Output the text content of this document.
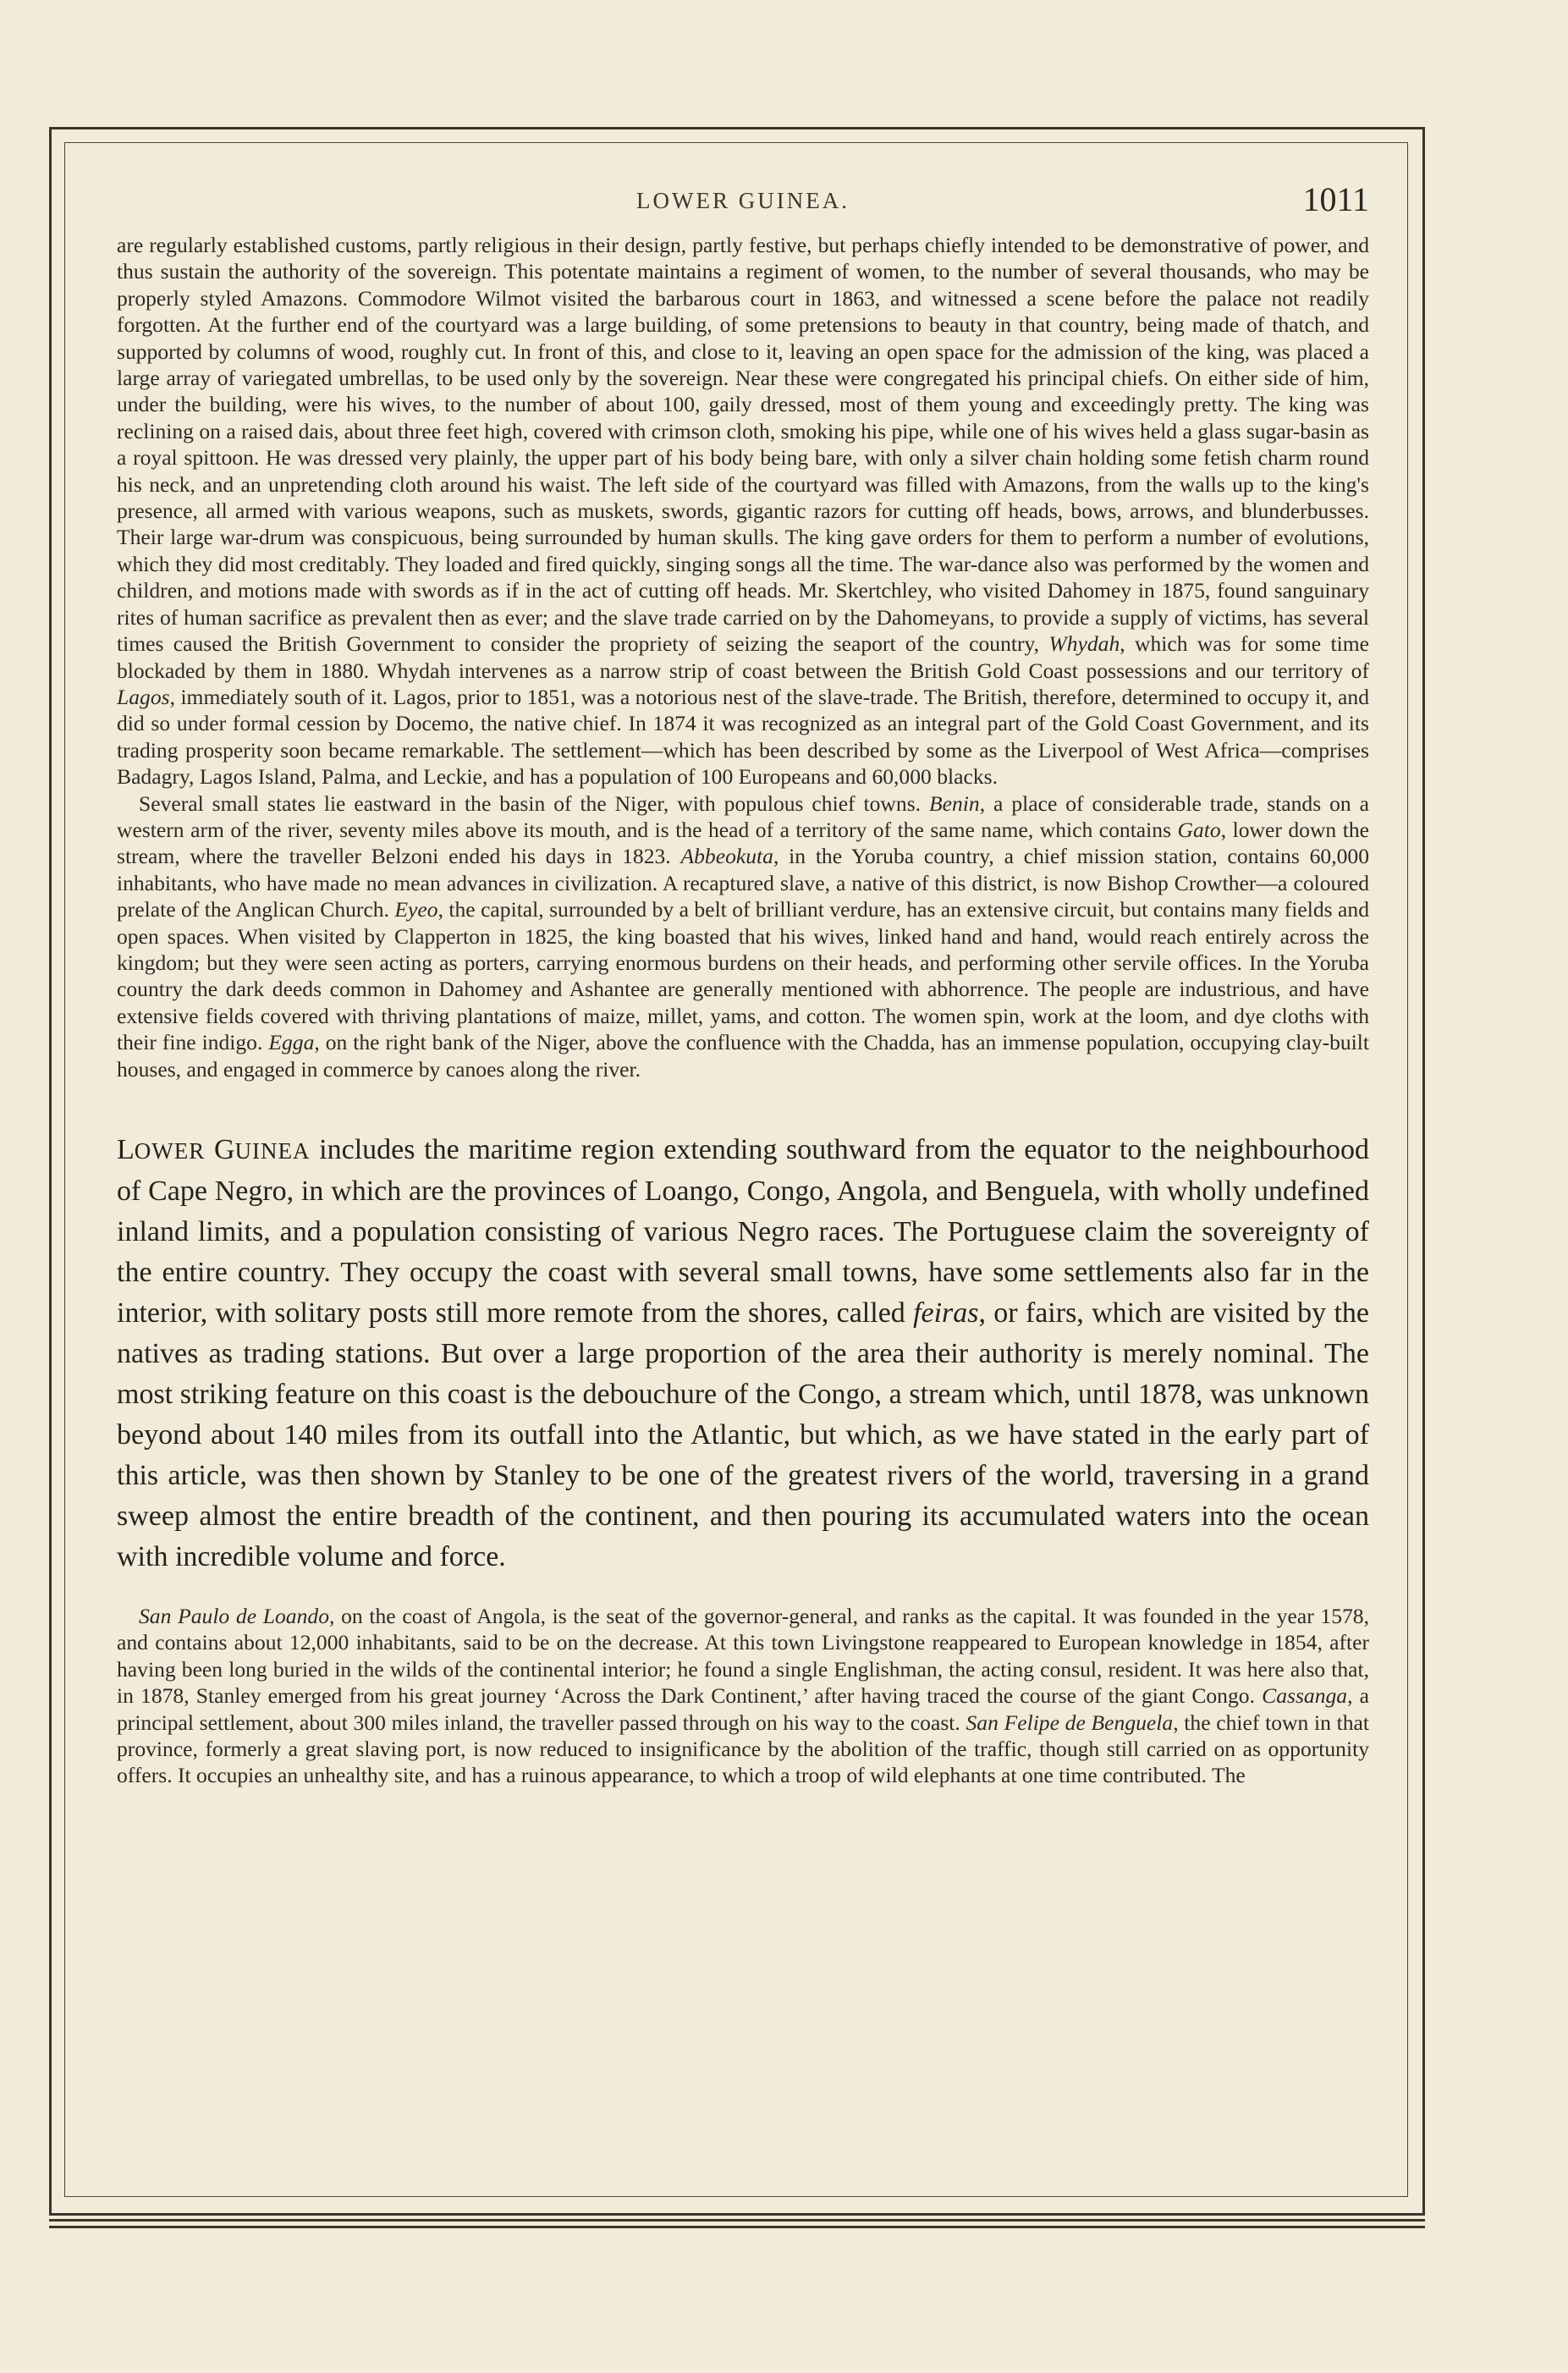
LOWER GUINEA.	1011

are regularly established customs, partly religious in their design, partly festive, but perhaps chiefly intended to be demonstrative of power, and thus sustain the authority of the sovereign. This potentate maintains a regiment of women, to the number of several thousands, who may be properly styled Amazons. Commodore Wilmot visited the barbarous court in 1863, and witnessed a scene before the palace not readily forgotten. At the further end of the courtyard was a large building, of some pretensions to beauty in that country, being made of thatch, and supported by columns of wood, roughly cut. In front of this, and close to it, leaving an open space for the admission of the king, was placed a large array of variegated umbrellas, to be used only by the sovereign. Near these were congregated his principal chiefs. On either side of him, under the building, were his wives, to the number of about 100, gaily dressed, most of them young and exceedingly pretty. The king was reclining on a raised dais, about three feet high, covered with crimson cloth, smoking his pipe, while one of his wives held a glass sugar-basin as a royal spittoon. He was dressed very plainly, the upper part of his body being bare, with only a silver chain holding some fetish charm round his neck, and an unpretending cloth around his waist. The left side of the courtyard was filled with Amazons, from the walls up to the king's presence, all armed with various weapons, such as muskets, swords, gigantic razors for cutting off heads, bows, arrows, and blunderbusses. Their large war-drum was conspicuous, being surrounded by human skulls. The king gave orders for them to perform a number of evolutions, which they did most creditably. They loaded and fired quickly, singing songs all the time. The war-dance also was performed by the women and children, and motions made with swords as if in the act of cutting off heads. Mr. Skertchley, who visited Dahomey in 1875, found sanguinary rites of human sacrifice as prevalent then as ever; and the slave trade carried on by the Dahomeyans, to provide a supply of victims, has several times caused the British Government to consider the propriety of seizing the seaport of the country, Whydah, which was for some time blockaded by them in 1880. Whydah intervenes as a narrow strip of coast between the British Gold Coast possessions and our territory of Lagos, immediately south of it. Lagos, prior to 1851, was a notorious nest of the slave-trade. The British, therefore, determined to occupy it, and did so under formal cession by Docemo, the native chief. In 1874 it was recognized as an integral part of the Gold Coast Government, and its trading prosperity soon became remarkable. The settlement—which has been described by some as the Liverpool of West Africa—comprises Badagry, Lagos Island, Palma, and Leckie, and has a population of 100 Europeans and 60,000 blacks.

Several small states lie eastward in the basin of the Niger, with populous chief towns. Benin, a place of considerable trade, stands on a western arm of the river, seventy miles above its mouth, and is the head of a territory of the same name, which contains Gato, lower down the stream, where the traveller Belzoni ended his days in 1823. Abbeokuta, in the Yoruba country, a chief mission station, contains 60,000 inhabitants, who have made no mean advances in civilization. A recaptured slave, a native of this district, is now Bishop Crowther—a coloured prelate of the Anglican Church. Eyeo, the capital, surrounded by a belt of brilliant verdure, has an extensive circuit, but contains many fields and open spaces. When visited by Clapperton in 1825, the king boasted that his wives, linked hand and hand, would reach entirely across the kingdom; but they were seen acting as porters, carrying enormous burdens on their heads, and performing other servile offices. In the Yoruba country the dark deeds common in Dahomey and Ashantee are generally mentioned with abhorrence. The people are industrious, and have extensive fields covered with thriving plantations of maize, millet, yams, and cotton. The women spin, work at the loom, and dye cloths with their fine indigo. Egga, on the right bank of the Niger, above the confluence with the Chadda, has an immense population, occupying clay-built houses, and engaged in commerce by canoes along the river.

LOWER GUINEA includes the maritime region extending southward from the equator to the neighbourhood of Cape Negro, in which are the provinces of Loango, Congo, Angola, and Benguela, with wholly undefined inland limits, and a population consisting of various Negro races. The Portuguese claim the sovereignty of the entire country. They occupy the coast with several small towns, have some settlements also far in the interior, with solitary posts still more remote from the shores, called feiras, or fairs, which are visited by the natives as trading stations. But over a large proportion of the area their authority is merely nominal. The most striking feature on this coast is the debouchure of the Congo, a stream which, until 1878, was unknown beyond about 140 miles from its outfall into the Atlantic, but which, as we have stated in the early part of this article, was then shown by Stanley to be one of the greatest rivers of the world, traversing in a grand sweep almost the entire breadth of the continent, and then pouring its accumulated waters into the ocean with incredible volume and force.

San Paulo de Loando, on the coast of Angola, is the seat of the governor-general, and ranks as the capital. It was founded in the year 1578, and contains about 12,000 inhabitants, said to be on the decrease. At this town Livingstone reappeared to European knowledge in 1854, after having been long buried in the wilds of the continental interior; he found a single Englishman, the acting consul, resident. It was here also that, in 1878, Stanley emerged from his great journey ‘Across the Dark Continent,’ after having traced the course of the giant Congo. Cassanga, a principal settlement, about 300 miles inland, the traveller passed through on his way to the coast. San Felipe de Benguela, the chief town in that province, formerly a great slaving port, is now reduced to insignificance by the abolition of the traffic, though still carried on as opportunity offers. It occupies an unhealthy site, and has a ruinous appearance, to which a troop of wild elephants at one time contributed. The
